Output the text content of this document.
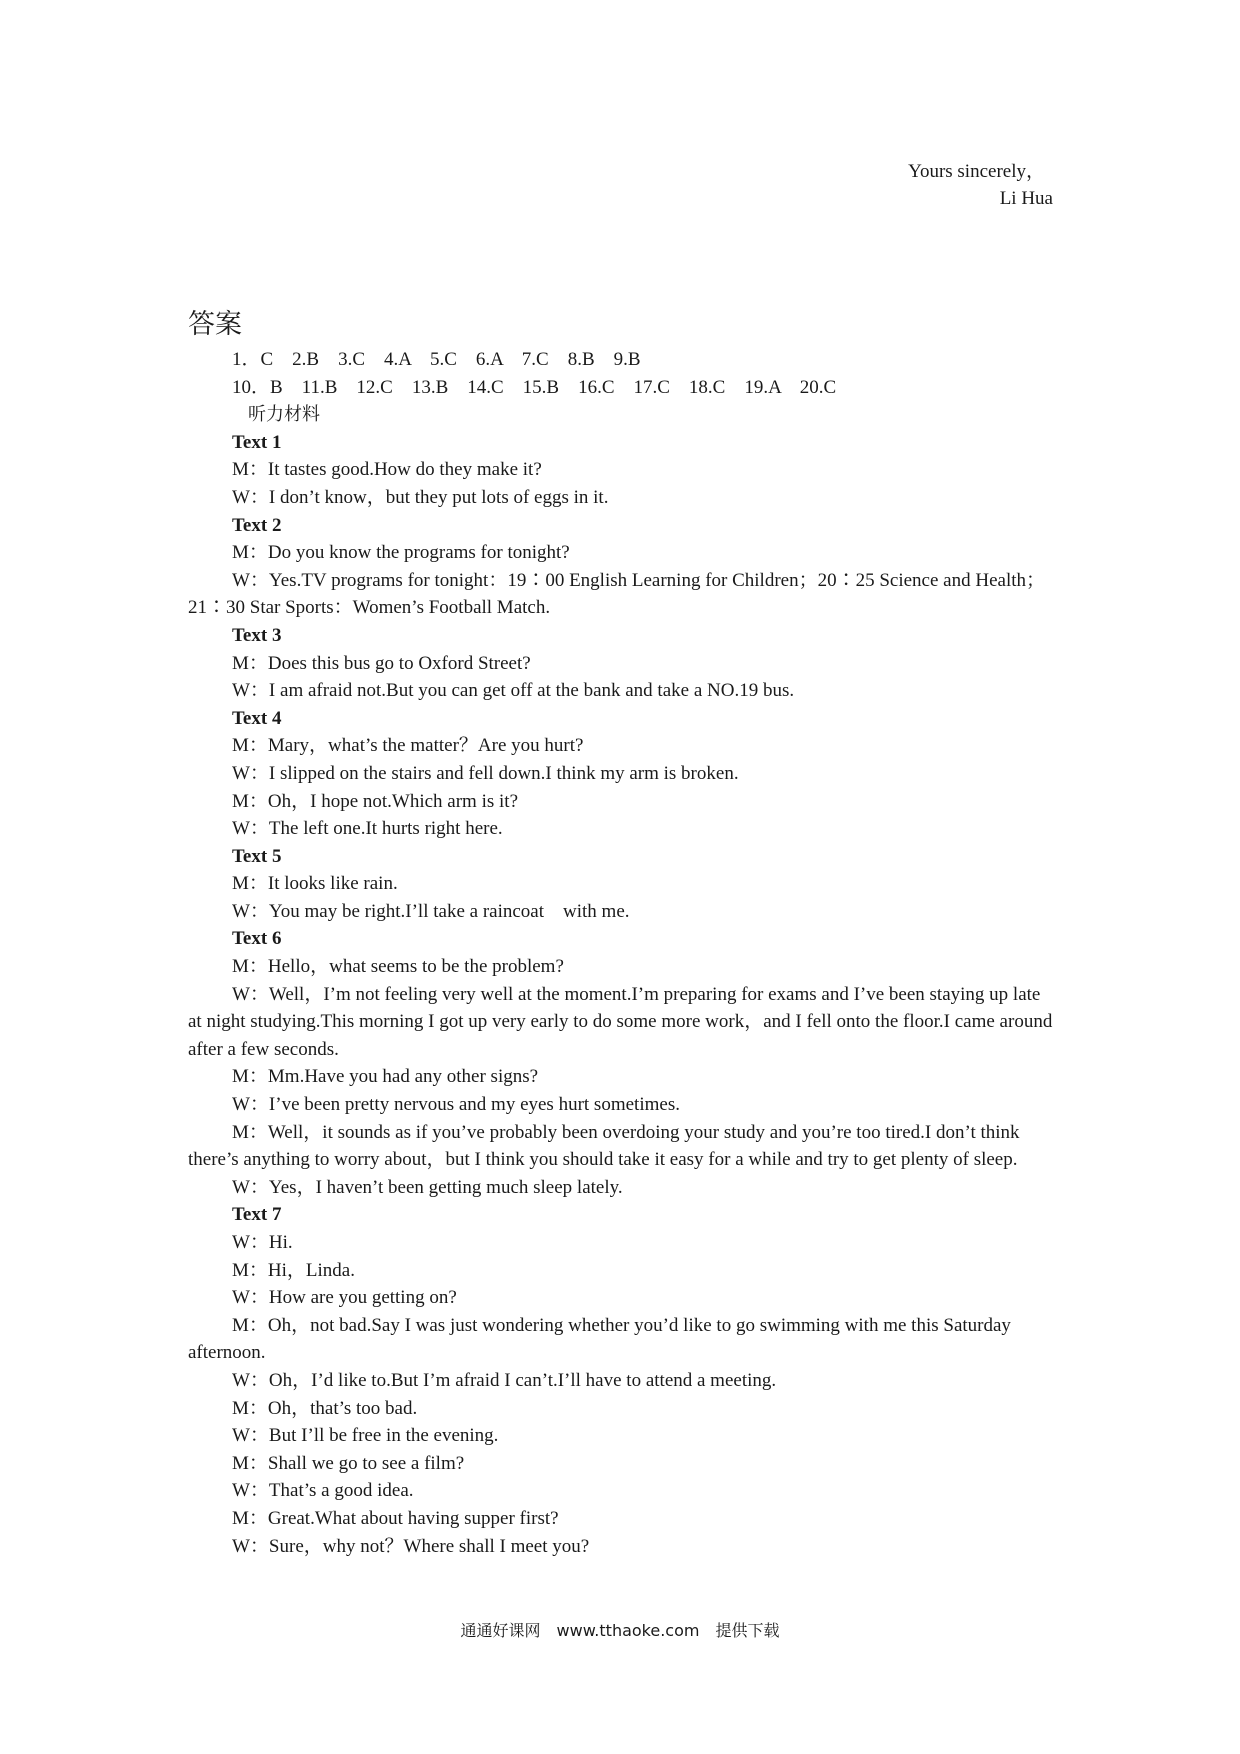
Yours sincerely，
Li Hua
答案
1．C　2.B　3.C　4.A　5.C　6.A　7.C　8.B　9.B
10．B　11.B　12.C　13.B　14.C　15.B　16.C　17.C　18.C　19.A　20.C
听力材料
Text 1
M：It tastes good.How do they make it?
W：I don’t know，but they put lots of eggs in it.
Text 2
M：Do you know the programs for tonight?
W：Yes.TV programs for tonight：19∶00 English Learning for Children；20∶25 Science and Health；21∶30 Star Sports：Women’s Football Match.
Text 3
M：Does this bus go to Oxford Street?
W：I am afraid not.But you can get off at the bank and take a NO.19 bus.
Text 4
M：Mary，what’s the matter？Are you hurt?
W：I slipped on the stairs and fell down.I think my arm is broken.
M：Oh，I hope not.Which arm is it?
W：The left one.It hurts right here.
Text 5
M：It looks like rain.
W：You may be right.I’ll take a raincoat　with me.
Text 6
M：Hello，what seems to be the problem?
W：Well，I’m not feeling very well at the moment.I’m preparing for exams and I’ve been staying up late at night studying.This morning I got up very early to do some more work，and I fell onto the floor.I came around after a few seconds.
M：Mm.Have you had any other signs?
W：I’ve been pretty nervous and my eyes hurt sometimes.
M：Well，it sounds as if you’ve probably been overdoing your study and you’re too tired.I don’t think there’s anything to worry about，but I think you should take it easy for a while and try to get plenty of sleep.
W：Yes，I haven’t been getting much sleep lately.
Text 7
W：Hi.
M：Hi，Linda.
W：How are you getting on?
M：Oh，not bad.Say I was just wondering whether you’d like to go swimming with me this Saturday afternoon.
W：Oh，I’d like to.But I’m afraid I can’t.I’ll have to attend a meeting.
M：Oh，that’s too bad.
W：But I’ll be free in the evening.
M：Shall we go to see a film?
W：That’s a good idea.
M：Great.What about having supper first?
W：Sure，why not？Where shall I meet you?
通通好课网　www.tthaoke.com　提供下载
